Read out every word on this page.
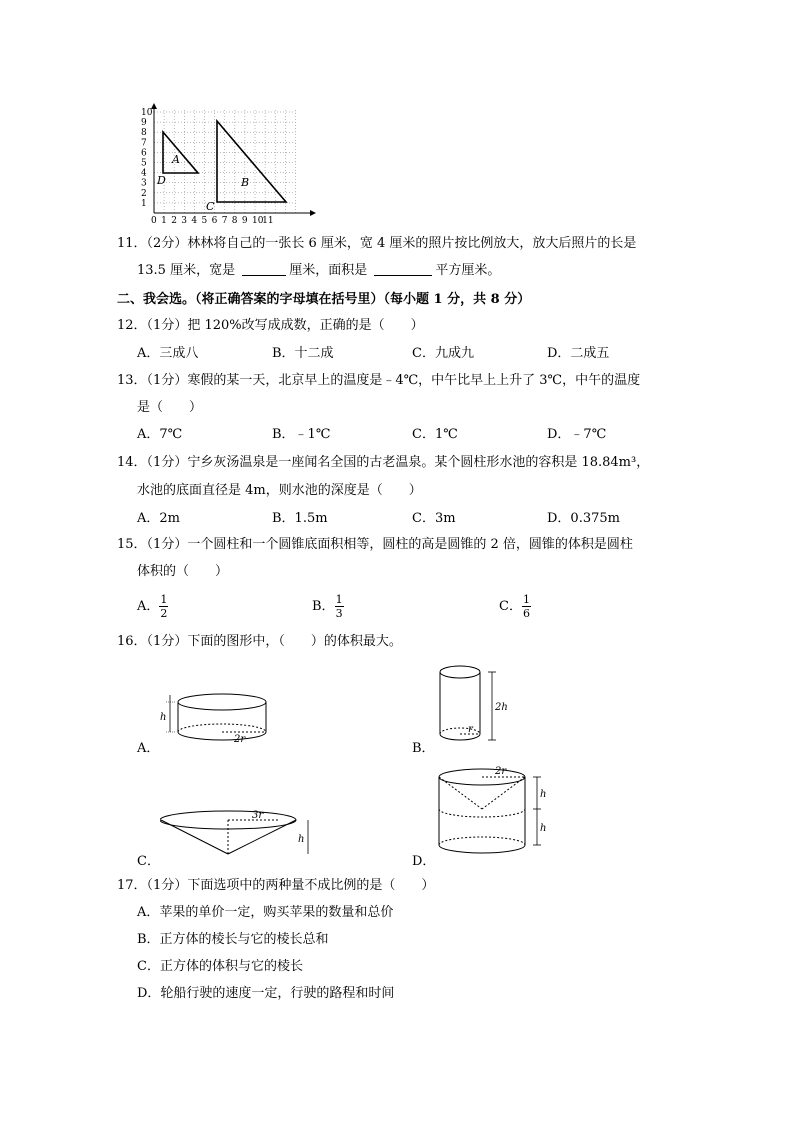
10
9
8
7
6
5
4
3
2
1
0 1 2 3 4 5 6 7 8 9 10
11
A
D	B
C
11．（2分）林林将自己的一张长 6 厘米，宽 4 厘米的照片按比例放大，放大后照片的长是
13.5 厘米，宽是	厘米，面积是	平方厘米。
二、我会选。（将正确答案的字母填在括号里）（每小题 1 分，共 8 分）
12．（1分）把 120%改写成成数，正确的是（　　）
A．三成八	B．十二成	C．九成九	D．二成五
13．（1分）寒假的某一天，北京早上的温度是﹣4℃，中午比早上上升了 3℃，中午的温度
是（　　）
A．7℃	B．﹣1℃	C．1℃	D．﹣7℃
14．（1分）宁乡灰汤温泉是一座闻名全国的古老温泉。某个圆柱形水池的容积是 18.84m³，
水池的底面直径是 4m，则水池的深度是（　　）
A．2m	B．1.5m	C．3m	D．0.375m
15．（1分）一个圆柱和一个圆锥底面积相等，圆柱的高是圆锥的 2 倍，圆锥的体积是圆柱
体积的（　　）
A． $\frac{1}{2}$	B． $\frac{1}{3}$	C． $\frac{1}{6}$
16．（1分）下面的图形中，（　　）的体积最大。
h
2r
A．
2h
r
B．
h
3r
C．
h
h
2r
D．
17．（1分）下面选项中的两种量不成比例的是（　　）
A．苹果的单价一定，购买苹果的数量和总价
B．正方体的棱长与它的棱长总和
C．正方体的体积与它的棱长
D．轮船行驶的速度一定，行驶的路程和时间
